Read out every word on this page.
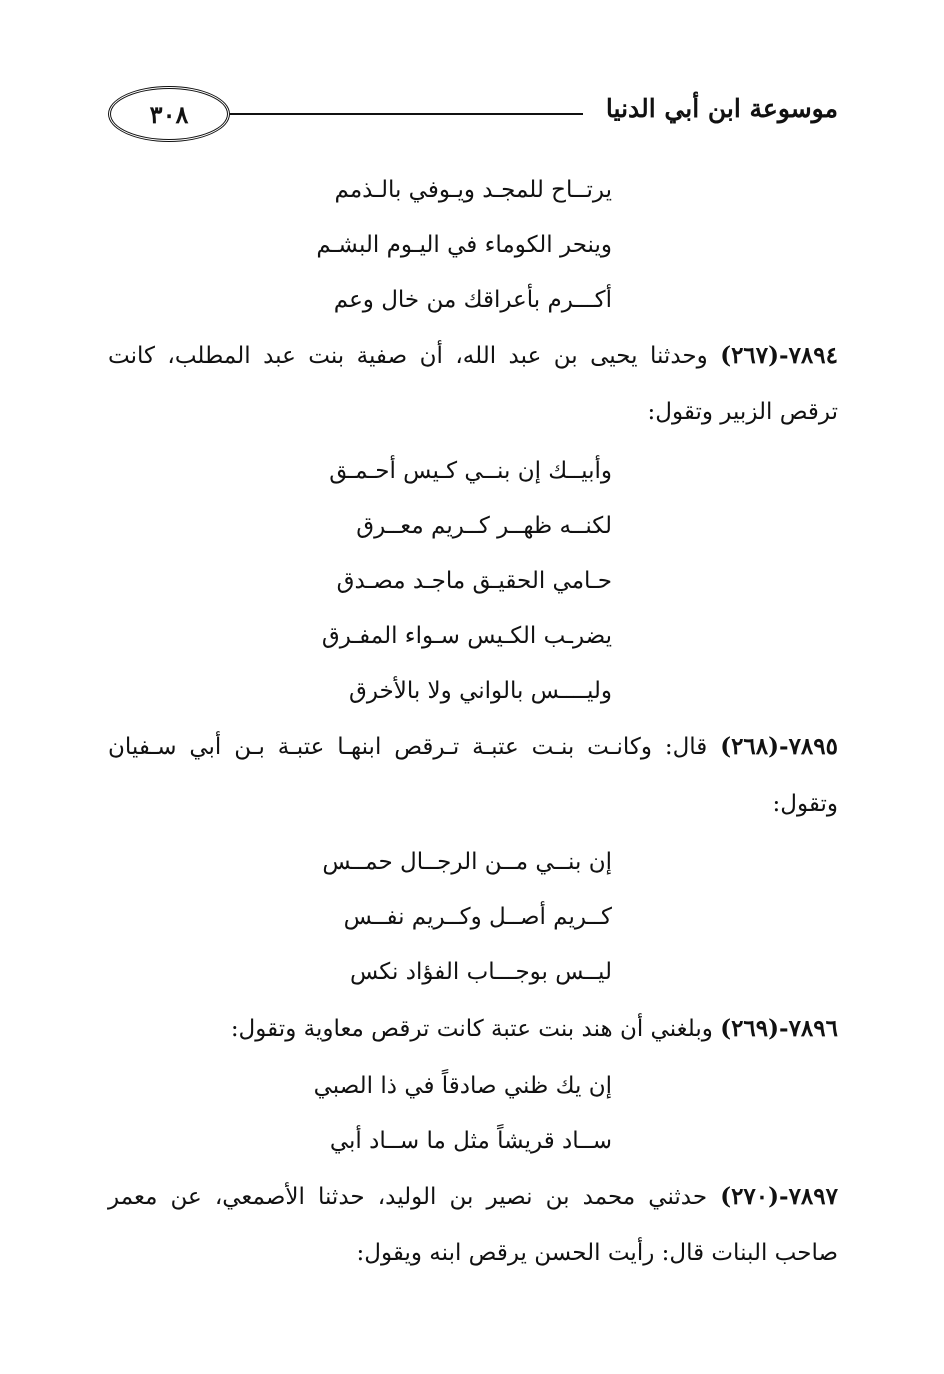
٣٠٨	موسوعة ابن أبي الدنيا
يرتــاح للمجـد ويـوفي بالـذمم
وينحر الكوماء في اليـوم البشـم
أكـــرم بأعراقك من خال وعم
٧٨٩٤-(٢٦٧) وحدثنا يحيى بن عبد الله، أن صفية بنت عبد المطلب، كانت
ترقص الزبير وتقول:
وأبيــك إن بنــي كـيس أحـمـق
لكنــه ظهــر كــريم معــرق
حـامي الحقيـق ماجـد مصـدق
يضرـب الكـيس سـواء المفـرق
وليــــس بالواني ولا بالأخرق
٧٨٩٥-(٢٦٨) قال: وكانـت بنـت عتبـة تـرقص ابنهـا عتبـة بـن أبي سـفيان
وتقول:
إن بنــي مــن الرجــال حمــس
كــريم أصــل وكــريم نفــس
ليــس بوجـــاب الفؤاد نكس
٧٨٩٦-(٢٦٩) وبلغني أن هند بنت عتبة كانت ترقص معاوية وتقول:
إن يك ظني صادقاً في ذا الصبي
ســاد قريشاً مثل ما ســاد أبي
٧٨٩٧-(٢٧٠) حدثني محمد بن نصير بن الوليد، حدثنا الأصمعي، عن معمر
صاحب البنات قال: رأيت الحسن يرقص ابنه ويقول:
